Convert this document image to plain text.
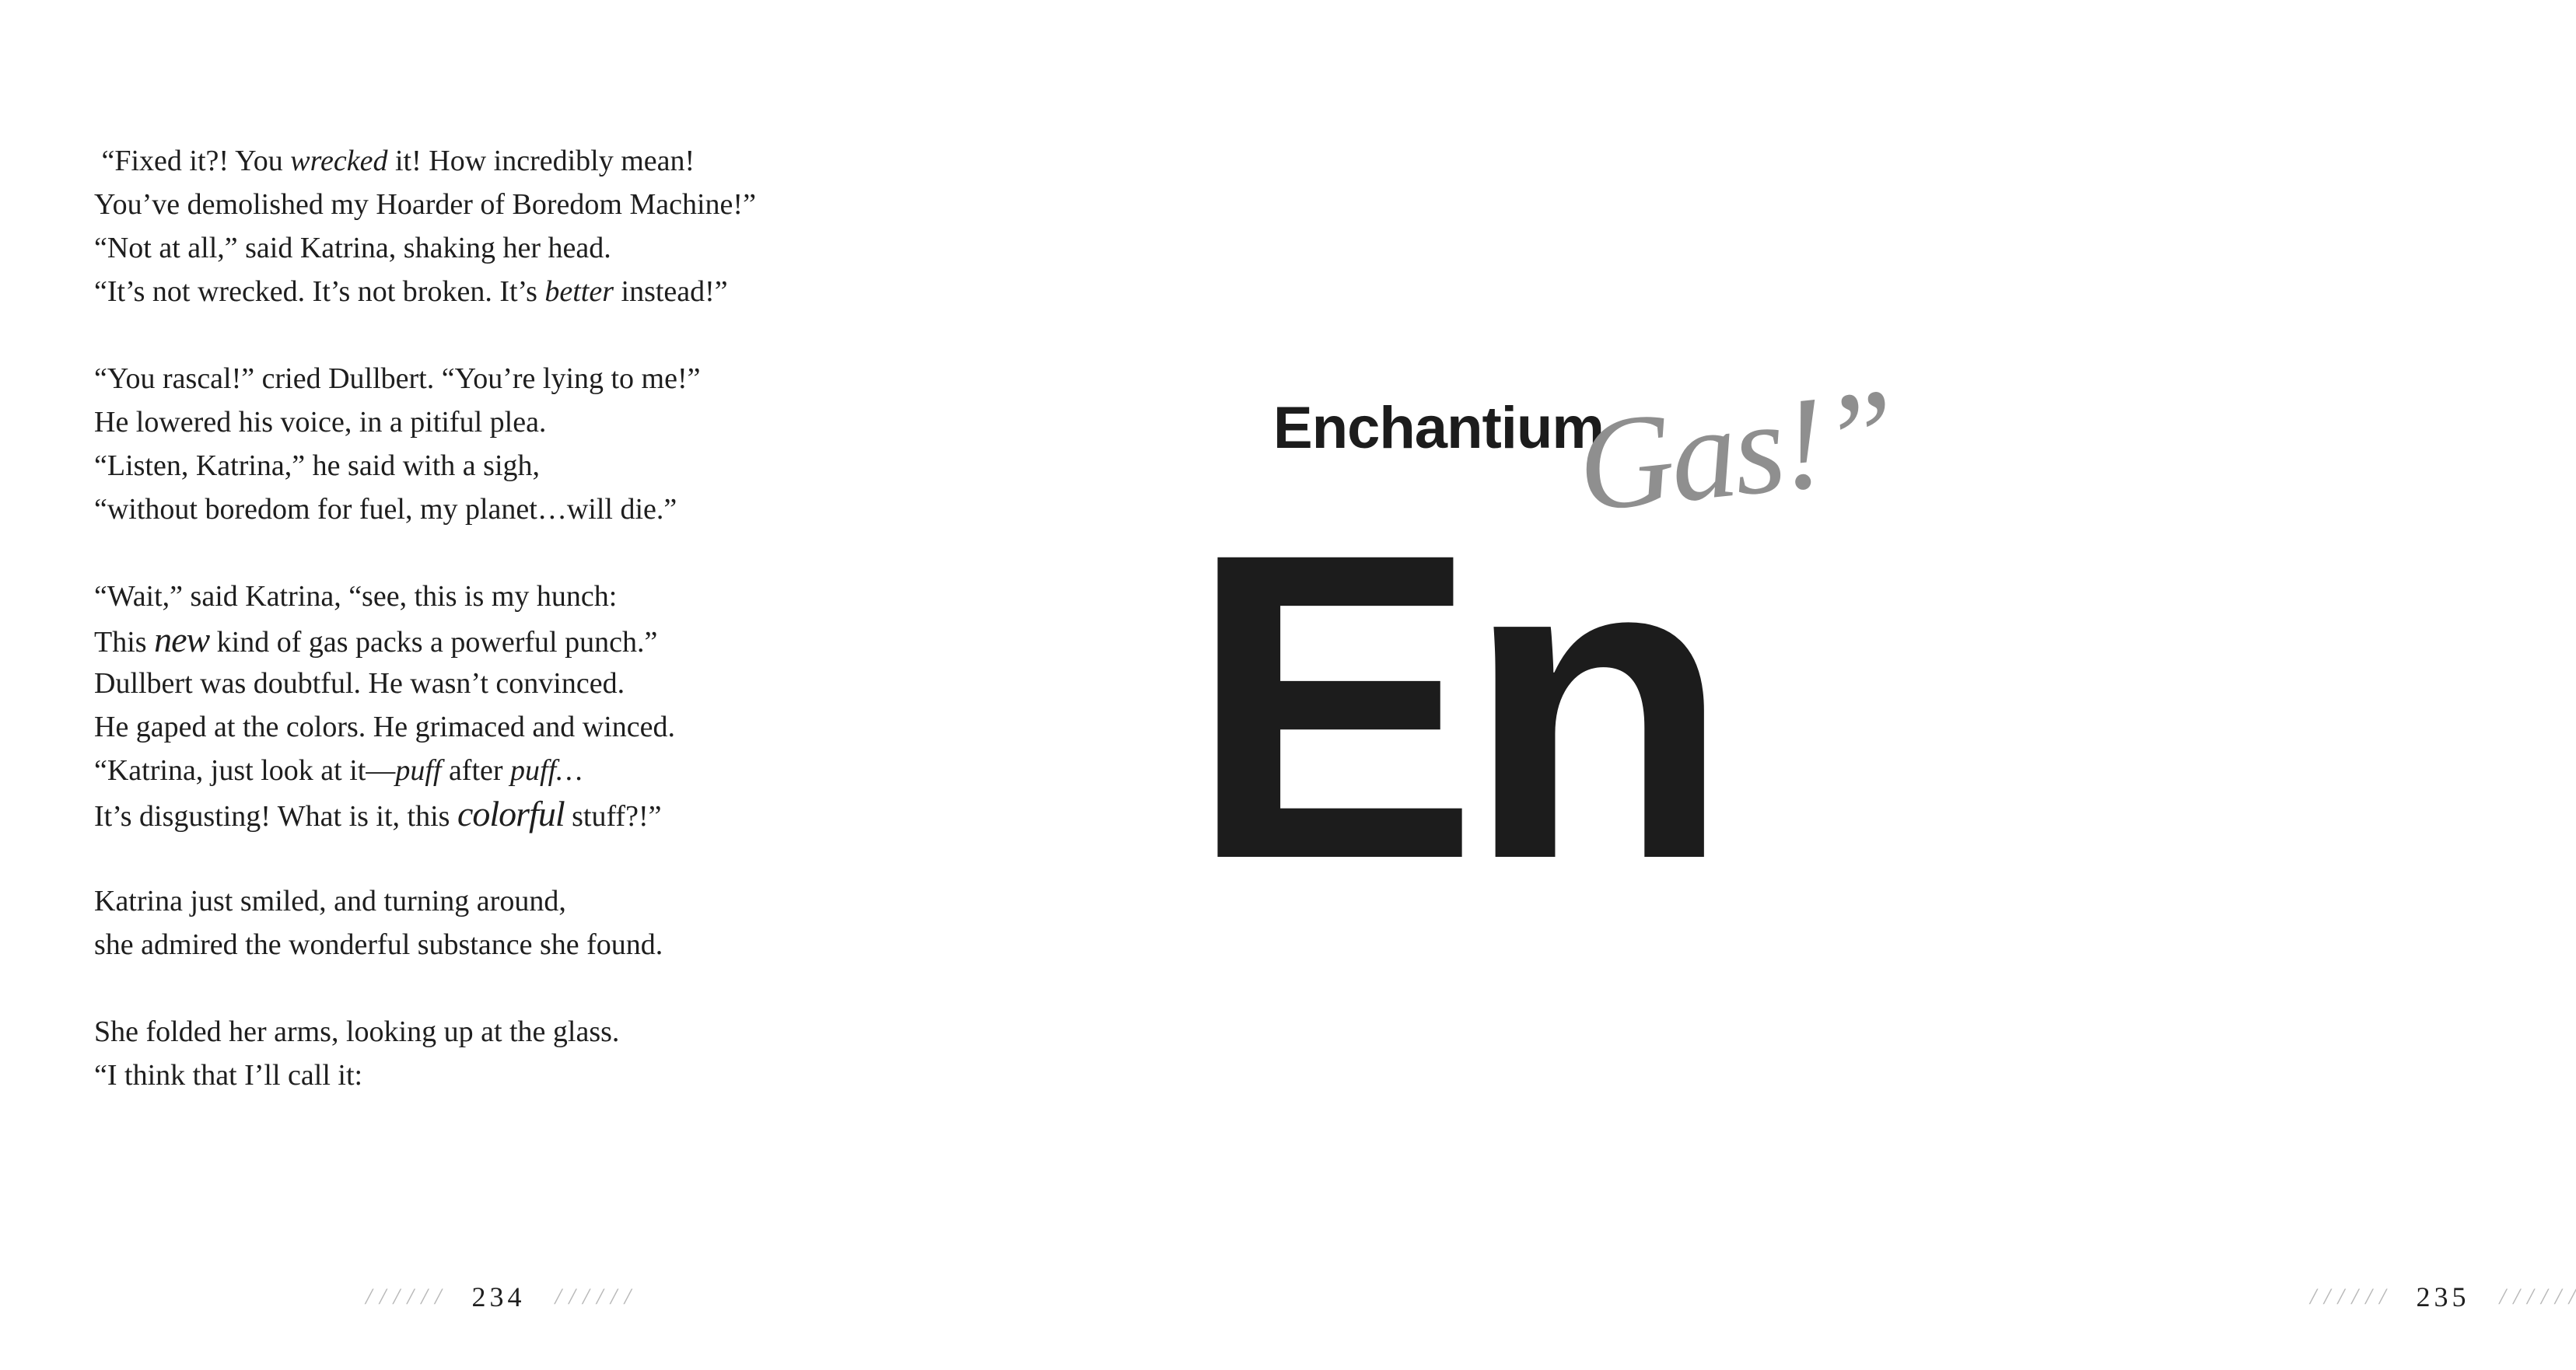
“Fixed it?! You wrecked it! How incredibly mean!
You’ve demolished my Hoarder of Boredom Machine!”
“Not at all,” said Katrina, shaking her head.
“It’s not wrecked. It’s not broken. It’s better instead!”
“You rascal!” cried Dullbert. “You’re lying to me!”
He lowered his voice, in a pitiful plea.
“Listen, Katrina,” he said with a sigh,
“without boredom for fuel, my planet…will die.”
“Wait,” said Katrina, “see, this is my hunch:
This new kind of gas packs a powerful punch.”
Dullbert was doubtful. He wasn’t convinced.
He gaped at the colors. He grimaced and winced.
“Katrina, just look at it—puff after puff…
It’s disgusting! What is it, this colorful stuff?!”
Katrina just smiled, and turning around,
she admired the wonderful substance she found.
She folded her arms, looking up at the glass.
“I think that I’ll call it:
/ / / / / / 234 / / / / / /	/ / / / / / 235 / / / / / /
Enchantium
Gas!”
En
